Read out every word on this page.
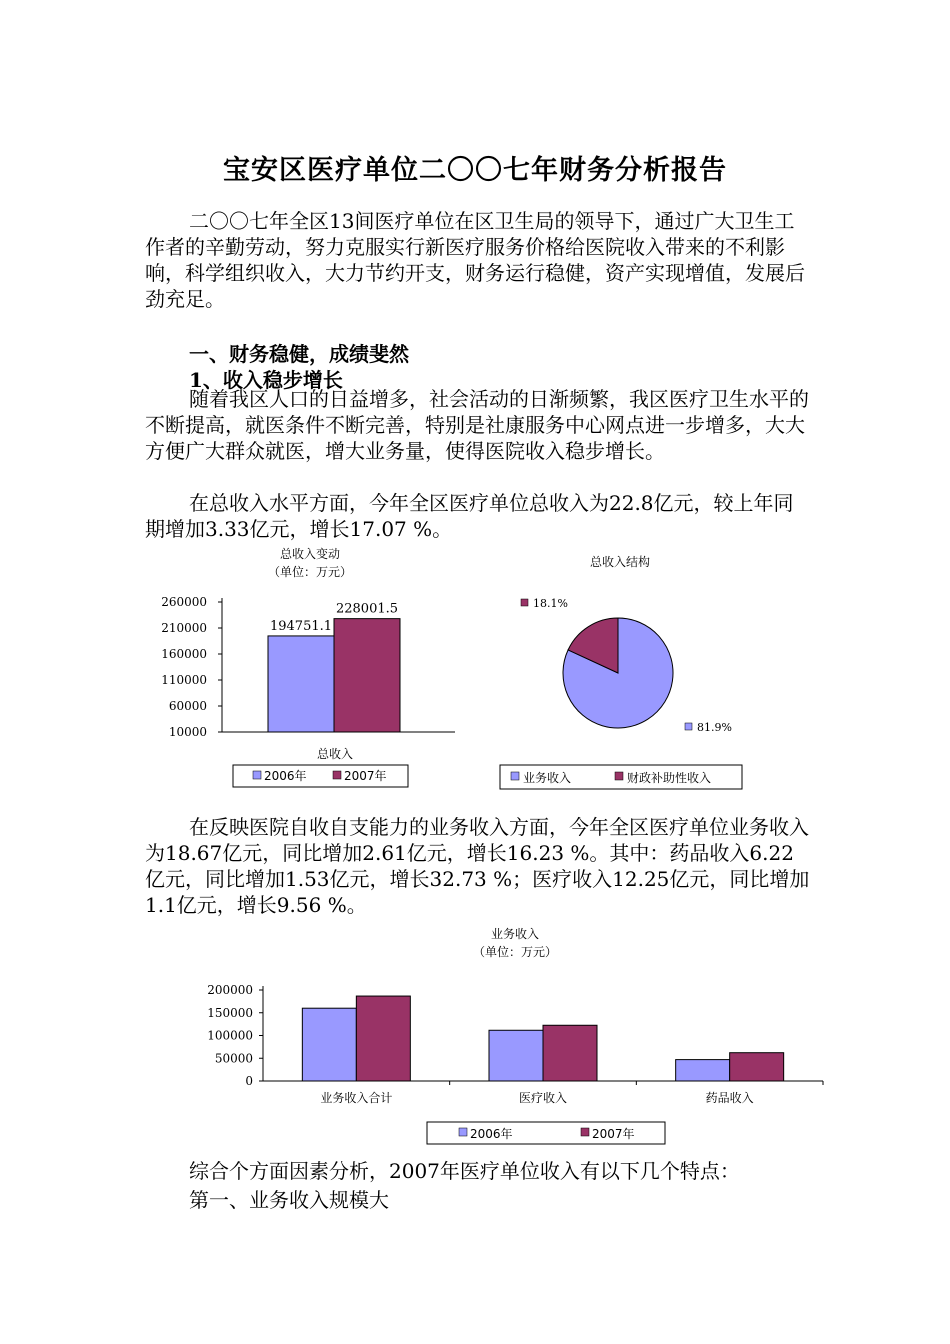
宝安区医疗单位二〇〇七年财务分析报告

二〇〇七年全区13间医疗单位在区卫生局的领导下，通过广大卫生工作者的辛勤劳动，努力克服实行新医疗服务价格给医院收入带来的不利影响，科学组织收入，大力节约开支，财务运行稳健，资产实现增值，发展后劲充足。

一、财务稳健，成绩斐然

1、收入稳步增长

随着我区人口的日益增多，社会活动的日渐频繁，我区医疗卫生水平的不断提高，就医条件不断完善，特别是社康服务中心网点进一步增多，大大方便广大群众就医，增大业务量，使得医院收入稳步增长。

在总收入水平方面，今年全区医疗单位总收入为22.8亿元，较上年同期增加3.33亿元，增长17.07 %。

总收入变动
（单位：万元）
260000
210000
160000
110000
60000
10000
194751.1
228001.5
总收入
2006年	2007年
总收入结构
18.1%
81.9%
业务收入	财政补助性收入

在反映医院自收自支能力的业务收入方面，今年全区医疗单位业务收入为18.67亿元，同比增加2.61亿元，增长16.23 %。其中：药品收入6.22亿元，同比增加1.53亿元，增长32.73 %；医疗收入12.25亿元，同比增加1.1亿元，增长9.56 %。

业务收入
（单位：万元）
200000
150000
100000
50000
0
业务收入合计	医疗收入	药品收入
2006年	2007年

综合个方面因素分析，2007年医疗单位收入有以下几个特点：

第一、业务收入规模大
